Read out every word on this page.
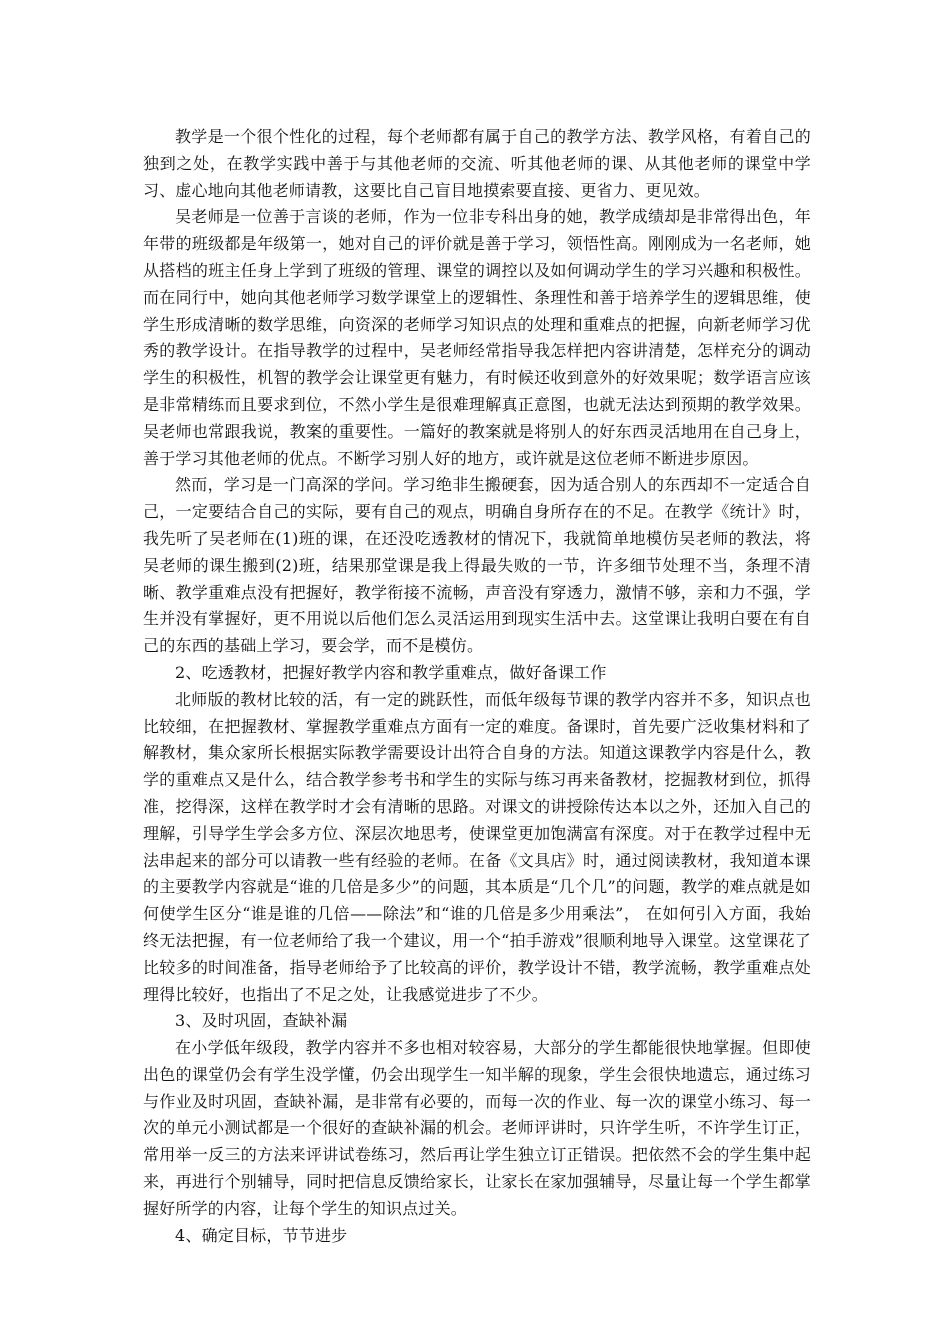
教学是一个很个性化的过程，每个老师都有属于自己的教学方法、教学风格，有着自己的独到之处，在教学实践中善于与其他老师的交流、听其他老师的课、从其他老师的课堂中学习、虚心地向其他老师请教，这要比自己盲目地摸索要直接、更省力、更见效。

吴老师是一位善于言谈的老师，作为一位非专科出身的她，教学成绩却是非常得出色，年年带的班级都是年级第一，她对自己的评价就是善于学习，领悟性高。刚刚成为一名老师，她从搭档的班主任身上学到了班级的管理、课堂的调控以及如何调动学生的学习兴趣和积极性。而在同行中，她向其他老师学习数学课堂上的逻辑性、条理性和善于培养学生的逻辑思维，使学生形成清晰的数学思维，向资深的老师学习知识点的处理和重难点的把握，向新老师学习优秀的教学设计。在指导教学的过程中，吴老师经常指导我怎样把内容讲清楚，怎样充分的调动学生的积极性，机智的教学会让课堂更有魅力，有时候还收到意外的好效果呢；数学语言应该是非常精练而且要求到位，不然小学生是很难理解真正意图，也就无法达到预期的教学效果。吴老师也常跟我说，教案的重要性。一篇好的教案就是将别人的好东西灵活地用在自己身上，善于学习其他老师的优点。不断学习别人好的地方，或许就是这位老师不断进步原因。

然而，学习是一门高深的学问。学习绝非生搬硬套，因为适合别人的东西却不一定适合自己，一定要结合自己的实际，要有自己的观点，明确自身所存在的不足。在教学《统计》时，我先听了吴老师在(1)班的课，在还没吃透教材的情况下，我就简单地模仿吴老师的教法，将吴老师的课生搬到(2)班，结果那堂课是我上得最失败的一节，许多细节处理不当，条理不清晰、教学重难点没有把握好，教学衔接不流畅，声音没有穿透力，激情不够，亲和力不强，学生并没有掌握好，更不用说以后他们怎么灵活运用到现实生活中去。这堂课让我明白要在有自己的东西的基础上学习，要会学，而不是模仿。

2、吃透教材，把握好教学内容和教学重难点，做好备课工作

北师版的教材比较的活，有一定的跳跃性，而低年级每节课的教学内容并不多，知识点也比较细，在把握教材、掌握教学重难点方面有一定的难度。备课时，首先要广泛收集材料和了解教材，集众家所长根据实际教学需要设计出符合自身的方法。知道这课教学内容是什么，教学的重难点又是什么，结合教学参考书和学生的实际与练习再来备教材，挖掘教材到位，抓得准，挖得深，这样在教学时才会有清晰的思路。对课文的讲授除传达本以之外，还加入自己的理解，引导学生学会多方位、深层次地思考，使课堂更加饱满富有深度。对于在教学过程中无法串起来的部分可以请教一些有经验的老师。在备《文具店》时，通过阅读教材，我知道本课的主要教学内容就是“谁的几倍是多少”的问题，其本质是“几个几”的问题，教学的难点就是如何使学生区分“谁是谁的几倍——除法”和“谁的几倍是多少用乘法”， 在如何引入方面，我始终无法把握，有一位老师给了我一个建议，用一个“拍手游戏”很顺利地导入课堂。这堂课花了比较多的时间准备，指导老师给予了比较高的评价，教学设计不错，教学流畅，教学重难点处理得比较好，也指出了不足之处，让我感觉进步了不少。

3、及时巩固，查缺补漏

在小学低年级段，教学内容并不多也相对较容易，大部分的学生都能很快地掌握。但即使出色的课堂仍会有学生没学懂，仍会出现学生一知半解的现象，学生会很快地遗忘，通过练习与作业及时巩固，查缺补漏，是非常有必要的，而每一次的作业、每一次的课堂小练习、每一次的单元小测试都是一个很好的查缺补漏的机会。老师评讲时，只许学生听，不许学生订正，常用举一反三的方法来评讲试卷练习，然后再让学生独立订正错误。把依然不会的学生集中起来，再进行个别辅导，同时把信息反馈给家长，让家长在家加强辅导，尽量让每一个学生都掌握好所学的内容，让每个学生的知识点过关。

4、确定目标，节节进步
